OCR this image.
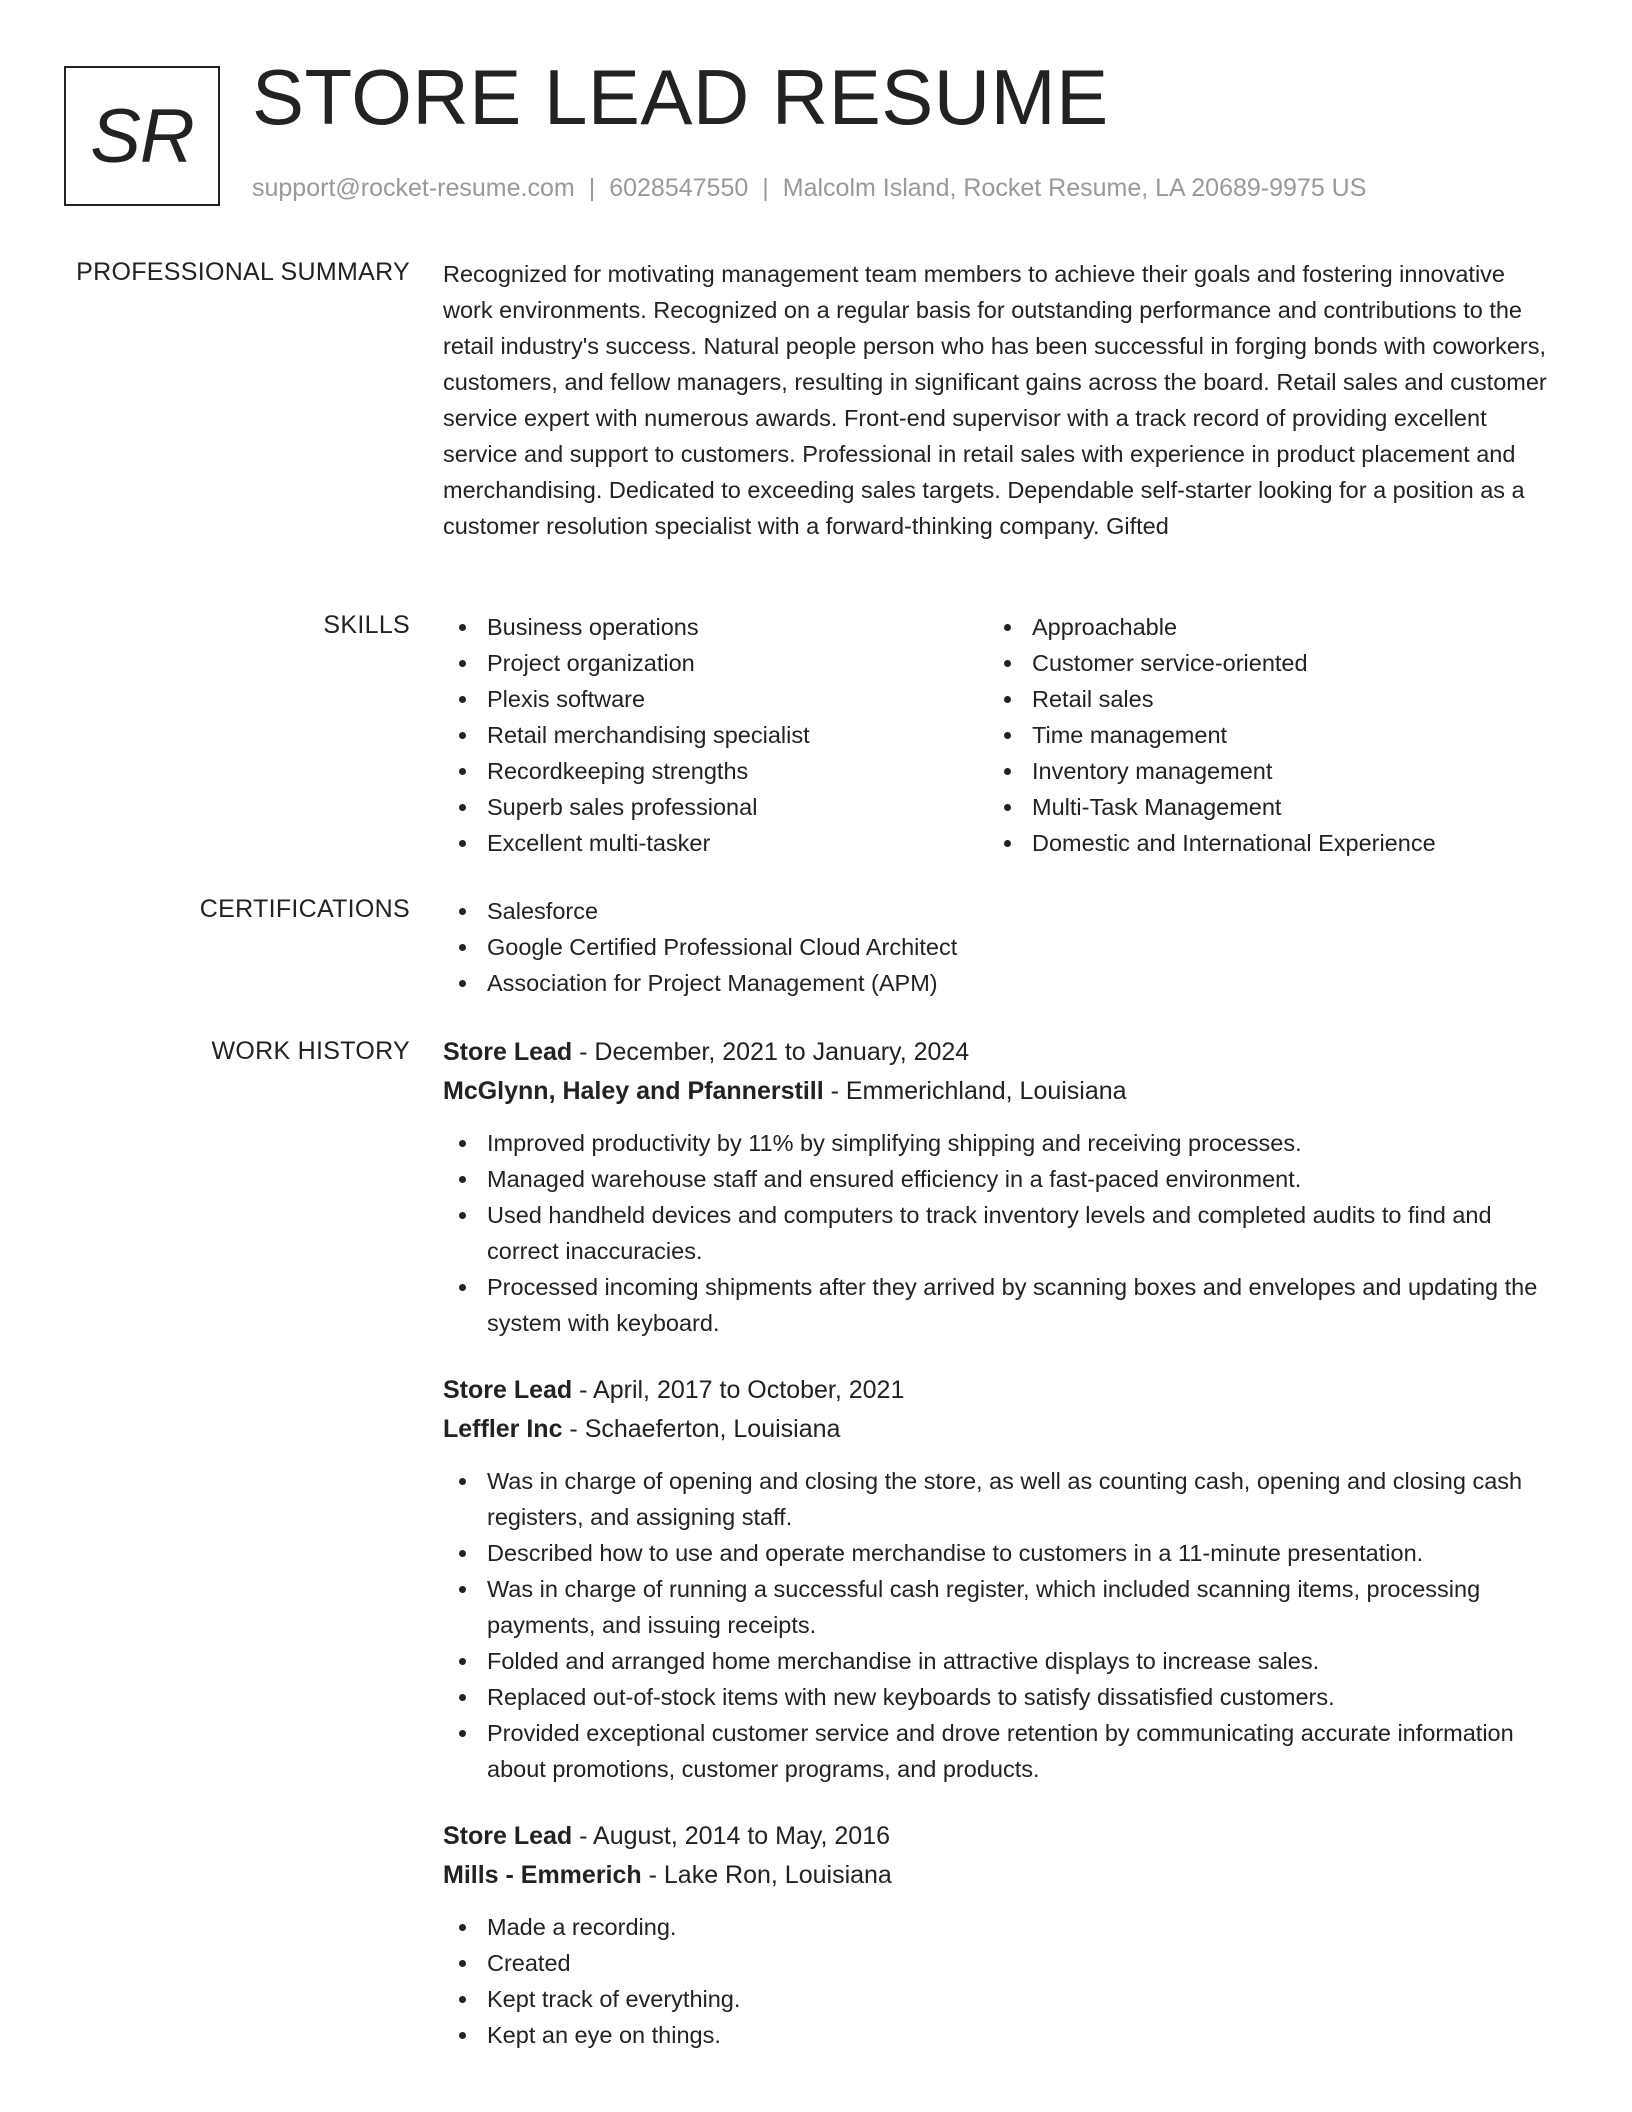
SR STORE LEAD RESUME
support@rocket-resume.com | 6028547550 | Malcolm Island, Rocket Resume, LA 20689-9975 US
PROFESSIONAL SUMMARY Recognized for motivating management team members to achieve their goals and fostering innovative work environments. Recognized on a regular basis for outstanding performance and contributions to the retail industry's success. Natural people person who has been successful in forging bonds with coworkers, customers, and fellow managers, resulting in significant gains across the board. Retail sales and customer service expert with numerous awards. Front-end supervisor with a track record of providing excellent service and support to customers. Professional in retail sales with experience in product placement and merchandising. Dedicated to exceeding sales targets. Dependable self-starter looking for a position as a customer resolution specialist with a forward-thinking company. Gifted

SKILLS	Business operations
Project organization
Plexis software
Retail merchandising specialist
Recordkeeping strengths
Superb sales professional
Excellent multi-tasker
Approachable
Customer service-oriented
Retail sales
Time management
Inventory management
Multi-Task Management
Domestic and International Experience
CERTIFICATIONS	Salesforce
Google Certified Professional Cloud Architect
Association for Project Management (APM)
WORK HISTORY Store Lead - December, 2021 to January, 2024
McGlynn, Haley and Pfannerstill - Emmerichland, Louisiana
Improved productivity by 11% by simplifying shipping and receiving processes.
Managed warehouse staff and ensured efficiency in a fast-paced environment.
Used handheld devices and computers to track inventory levels and completed audits to find and correct inaccuracies.
Processed incoming shipments after they arrived by scanning boxes and envelopes and updating the system with keyboard.
Store Lead - April, 2017 to October, 2021
Leffler Inc - Schaeferton, Louisiana
Was in charge of opening and closing the store, as well as counting cash, opening and closing cash registers, and assigning staff.
Described how to use and operate merchandise to customers in a 11-minute presentation.
Was in charge of running a successful cash register, which included scanning items, processing payments, and issuing receipts.
Folded and arranged home merchandise in attractive displays to increase sales.
Replaced out-of-stock items with new keyboards to satisfy dissatisfied customers.
Provided exceptional customer service and drove retention by communicating accurate information about promotions, customer programs, and products.
Store Lead - August, 2014 to May, 2016
Mills - Emmerich - Lake Ron, Louisiana
Made a recording.
Created
Kept track of everything.
Kept an eye on things.
